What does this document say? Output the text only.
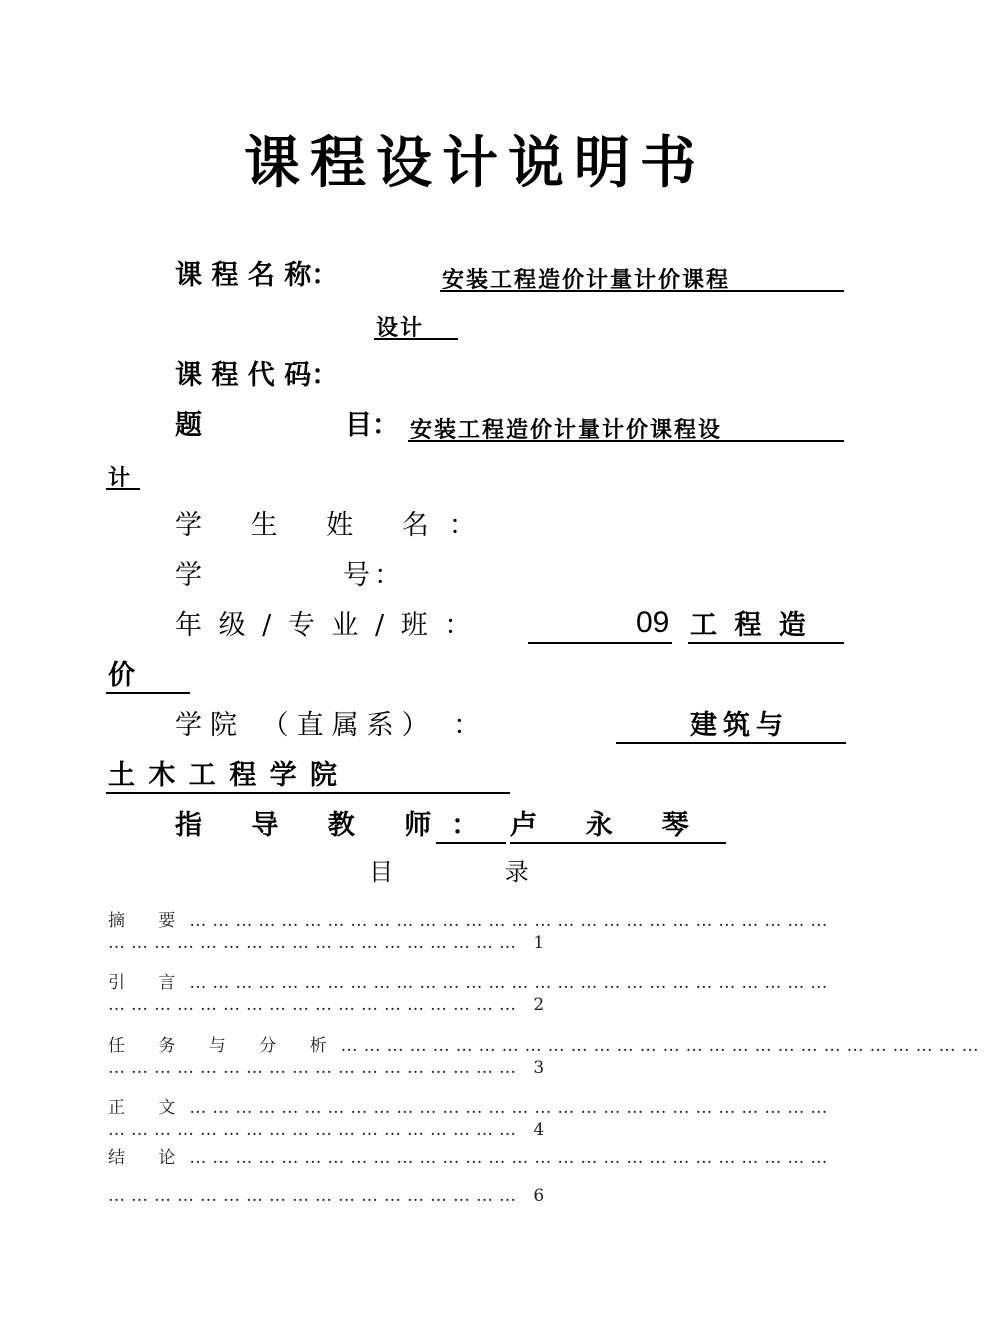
课程设计说明书
课 程 名 称：	安装工程造价计量计价课程
设计
课 程 代 码：
题	目： 安装工程造价计量计价课程设
计
学 生 姓 名：
学	号：
年 级 / 专 业 / 班 ：	09 工 程 造
价
学院 （直属系） ：	建筑与
土 木 工 程 学 院
指 导 教 师： 卢  永  琴
目 录
摘 要…………………………………………………………………………
……………………………………………… 1
引 言…………………………………………………………………………
……………………………………………… 2
任 务 与 分 析…………………………………………………………………………
……………………………………………… 3
正 文…………………………………………………………………………
……………………………………………… 4
结 论…………………………………………………………………………
……………………………………………… 6
